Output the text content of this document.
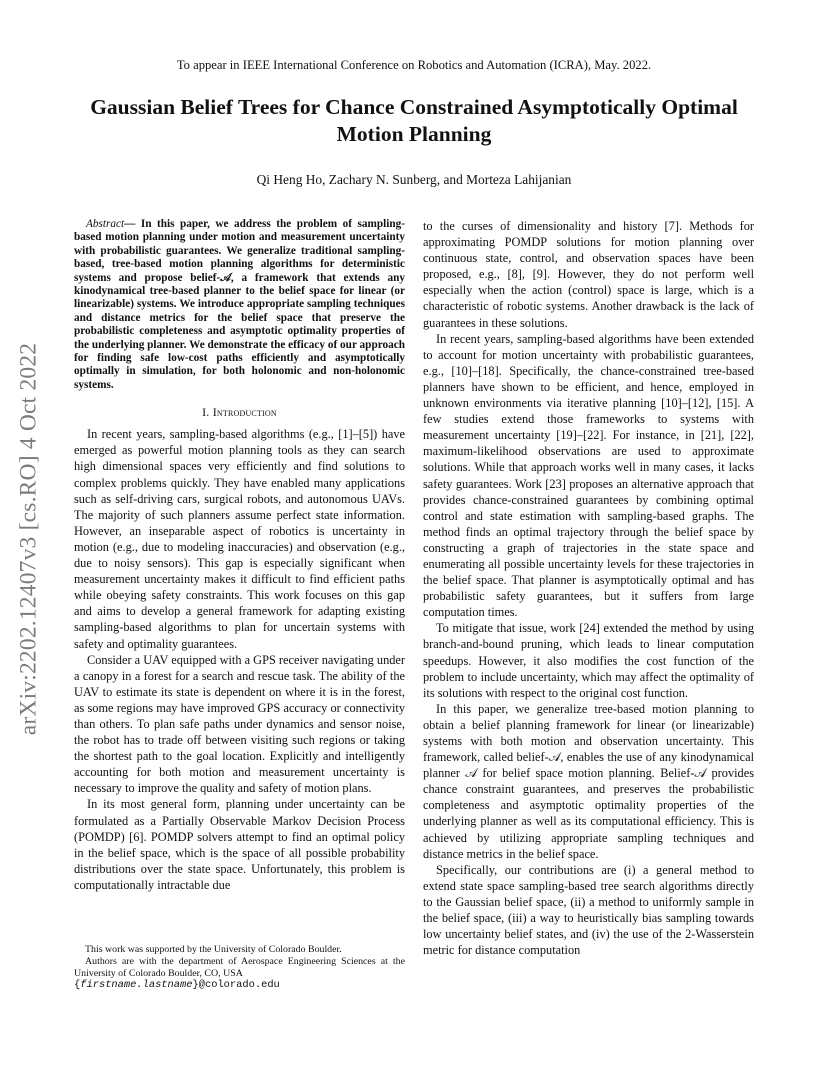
To appear in IEEE International Conference on Robotics and Automation (ICRA), May. 2022.
Gaussian Belief Trees for Chance Constrained Asymptotically Optimal Motion Planning
Qi Heng Ho, Zachary N. Sunberg, and Morteza Lahijanian
arXiv:2202.12407v3 [cs.RO] 4 Oct 2022

Abstract— In this paper, we address the problem of sampling-based motion planning under motion and measurement uncertainty with probabilistic guarantees. We generalize traditional sampling-based, tree-based motion planning algorithms for deterministic systems and propose belief-𝒜, a framework that extends any kinodynamical tree-based planner to the belief space for linear (or linearizable) systems. We introduce appropriate sampling techniques and distance metrics for the belief space that preserve the probabilistic completeness and asymptotic optimality properties of the underlying planner. We demonstrate the efficacy of our approach for finding safe low-cost paths efficiently and asymptotically optimally in simulation, for both holonomic and non-holonomic systems.

I. Introduction

In recent years, sampling-based algorithms (e.g., [1]–[5]) have emerged as powerful motion planning tools as they can search high dimensional spaces very efficiently and find solutions to complex problems quickly. They have enabled many applications such as self-driving cars, surgical robots, and autonomous UAVs. The majority of such planners assume perfect state information. However, an inseparable aspect of robotics is uncertainty in motion (e.g., due to modeling inaccuracies) and observation (e.g., due to noisy sensors). This gap is especially significant when measurement uncertainty makes it difficult to find efficient paths while obeying safety constraints. This work focuses on this gap and aims to develop a general framework for adapting existing sampling-based algorithms to plan for uncertain systems with safety and optimality guarantees.

Consider a UAV equipped with a GPS receiver navigating under a canopy in a forest for a search and rescue task. The ability of the UAV to estimate its state is dependent on where it is in the forest, as some regions may have improved GPS accuracy or connectivity than others. To plan safe paths under dynamics and sensor noise, the robot has to trade off between visiting such regions or taking the shortest path to the goal location. Explicitly and intelligently accounting for both motion and measurement uncertainty is necessary to improve the quality and safety of motion plans.

In its most general form, planning under uncertainty can be formulated as a Partially Observable Markov Decision Process (POMDP) [6]. POMDP solvers attempt to find an optimal policy in the belief space, which is the space of all possible probability distributions over the state space. Unfortunately, this problem is computationally intractable due

to the curses of dimensionality and history [7]. Methods for approximating POMDP solutions for motion planning over continuous state, control, and observation spaces have been proposed, e.g., [8], [9]. However, they do not perform well especially when the action (control) space is large, which is a characteristic of robotic systems. Another drawback is the lack of guarantees in these solutions.

In recent years, sampling-based algorithms have been extended to account for motion uncertainty with probabilistic guarantees, e.g., [10]–[18]. Specifically, the chance-constrained tree-based planners have shown to be efficient, and hence, employed in unknown environments via iterative planning [10]–[12], [15]. A few studies extend those frameworks to systems with measurement uncertainty [19]–[22]. For instance, in [21], [22], maximum-likelihood observations are used to approximate solutions. While that approach works well in many cases, it lacks safety guarantees. Work [23] proposes an alternative approach that provides chance-constrained guarantees by combining optimal control and state estimation with sampling-based graphs. The method finds an optimal trajectory through the belief space by constructing a graph of trajectories in the state space and enumerating all possible uncertainty levels for these trajectories in the belief space. That planner is asymptotically optimal and has probabilistic safety guarantees, but it suffers from large computation times.

To mitigate that issue, work [24] extended the method by using branch-and-bound pruning, which leads to linear computation speedups. However, it also modifies the cost function of the problem to include uncertainty, which may affect the optimality of its solutions with respect to the original cost function.

In this paper, we generalize tree-based motion planning to obtain a belief planning framework for linear (or linearizable) systems with both motion and observation uncertainty. This framework, called belief-𝒜, enables the use of any kinodynamical planner 𝒜 for belief space motion planning. Belief-𝒜 provides chance constraint guarantees, and preserves the probabilistic completeness and asymptotic optimality properties of the underlying planner as well as its computational efficiency. This is achieved by utilizing appropriate sampling techniques and distance metrics in the belief space.

Specifically, our contributions are (i) a general method to extend state space sampling-based tree search algorithms directly to the Gaussian belief space, (ii) a method to uniformly sample in the belief space, (iii) a way to heuristically bias sampling towards low uncertainty belief states, and (iv) the use of the 2-Wasserstein metric for distance computation

This work was supported by the University of Colorado Boulder.

Authors are with the department of Aerospace Engineering Sciences at the University of Colorado Boulder, CO, USA

{firstname.lastname}@colorado.edu
